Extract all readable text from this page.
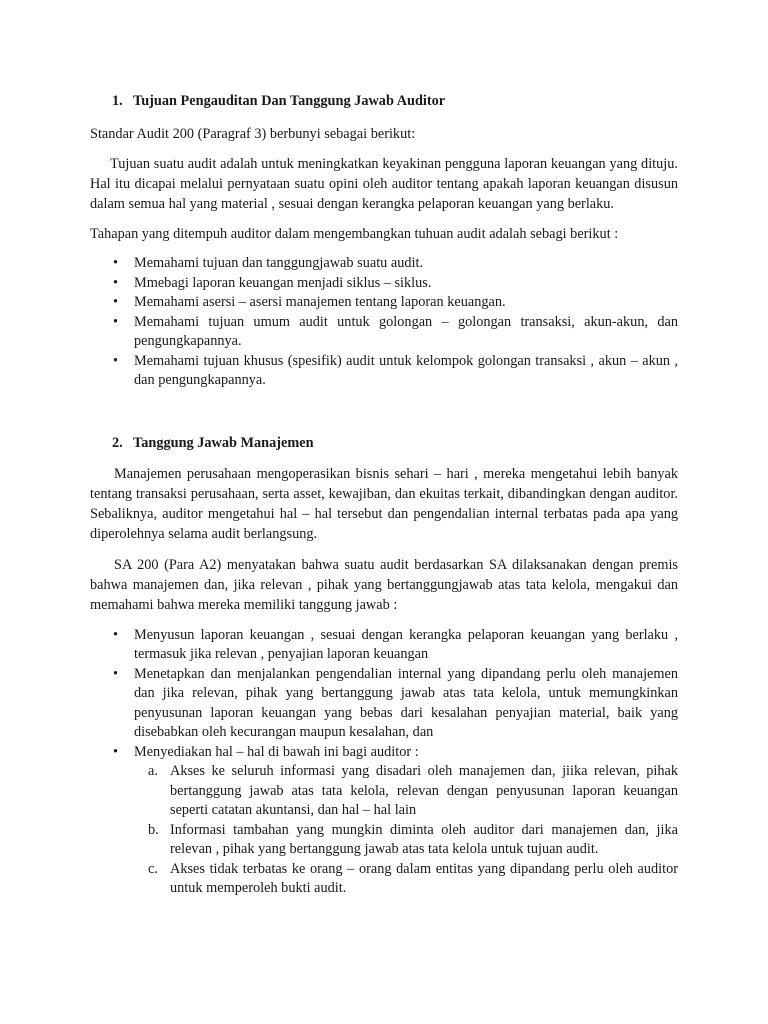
1. Tujuan Pengauditan Dan Tanggung Jawab Auditor

Standar Audit 200 (Paragraf 3) berbunyi sebagai berikut:

Tujuan suatu audit adalah untuk meningkatkan keyakinan pengguna laporan keuangan yang dituju. Hal itu dicapai melalui pernyataan suatu opini oleh auditor tentang apakah laporan keuangan disusun dalam semua hal yang material , sesuai dengan kerangka pelaporan keuangan yang berlaku.

Tahapan yang ditempuh auditor dalam mengembangkan tuhuan audit adalah sebagi berikut :

• Memahami tujuan dan tanggungjawab suatu audit.
• Mmebagi laporan keuangan menjadi siklus – siklus.
• Memahami asersi – asersi manajemen tentang laporan keuangan.
• Memahami tujuan umum audit untuk golongan – golongan transaksi, akun-akun, dan pengungkapannya.
• Memahami tujuan khusus (spesifik) audit untuk kelompok golongan transaksi , akun – akun , dan pengungkapannya.
2. Tanggung Jawab Manajemen

Manajemen perusahaan mengoperasikan bisnis sehari – hari , mereka mengetahui lebih banyak tentang transaksi perusahaan, serta asset, kewajiban, dan ekuitas terkait, dibandingkan dengan auditor. Sebaliknya, auditor mengetahui hal – hal tersebut dan pengendalian internal terbatas pada apa yang diperolehnya selama audit berlangsung.

SA 200 (Para A2) menyatakan bahwa suatu audit berdasarkan SA dilaksanakan dengan premis bahwa manajemen dan, jika relevan , pihak yang bertanggungjawab atas tata kelola, mengakui dan memahami bahwa mereka memiliki tanggung jawab :

• Menyusun laporan keuangan , sesuai dengan kerangka pelaporan keuangan yang berlaku , termasuk jika relevan , penyajian laporan keuangan
• Menetapkan dan menjalankan pengendalian internal yang dipandang perlu oleh manajemen dan jika relevan, pihak yang bertanggung jawab atas tata kelola, untuk memungkinkan penyusunan laporan keuangan yang bebas dari kesalahan penyajian material, baik yang disebabkan oleh kecurangan maupun kesalahan, dan
• Menyediakan hal – hal di bawah ini bagi auditor :
a. Akses ke seluruh informasi yang disadari oleh manajemen dan, jiika relevan, pihak bertanggung jawab atas tata kelola, relevan dengan penyusunan laporan keuangan seperti catatan akuntansi, dan hal – hal lain
b. Informasi tambahan yang mungkin diminta oleh auditor dari manajemen dan, jika relevan , pihak yang bertanggung jawab atas tata kelola untuk tujuan audit.
c. Akses tidak terbatas ke orang – orang dalam entitas yang dipandang perlu oleh auditor untuk memperoleh bukti audit.
